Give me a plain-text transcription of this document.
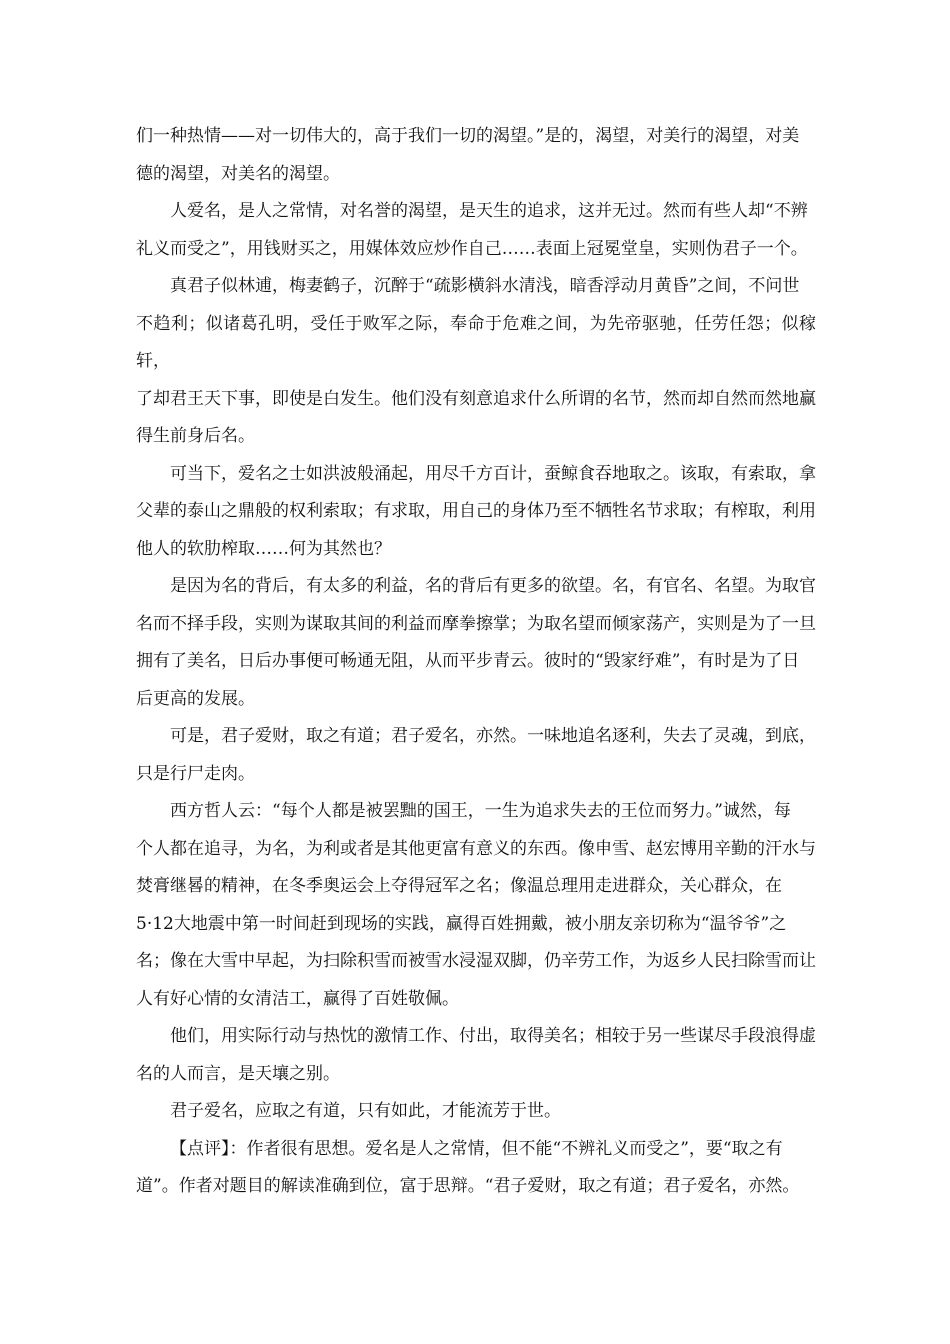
们一种热情——对一切伟大的，高于我们一切的渴望。”是的，渴望，对美行的渴望，对美
德的渴望，对美名的渴望。

人爱名，是人之常情，对名誉的渴望，是天生的追求，这并无过。然而有些人却“不辨
礼义而受之”，用钱财买之，用媒体效应炒作自己……表面上冠冕堂皇，实则伪君子一个。

真君子似林逋，梅妻鹤子，沉醉于“疏影横斜水清浅，暗香浮动月黄昏”之间，不问世
不趋利；似诸葛孔明，受任于败军之际，奉命于危难之间，为先帝驱驰，任劳任怨；似稼轩，
了却君王天下事，即使是白发生。他们没有刻意追求什么所谓的名节，然而却自然而然地赢
得生前身后名。

可当下，爱名之士如洪波般涌起，用尽千方百计，蚕鲸食吞地取之。该取，有索取，拿
父辈的泰山之鼎般的权利索取；有求取，用自己的身体乃至不牺牲名节求取；有榨取，利用
他人的软肋榨取……何为其然也？

是因为名的背后，有太多的利益，名的背后有更多的欲望。名，有官名、名望。为取官
名而不择手段，实则为谋取其间的利益而摩拳擦掌；为取名望而倾家荡产，实则是为了一旦
拥有了美名，日后办事便可畅通无阻，从而平步青云。彼时的“毁家纾难”，有时是为了日
后更高的发展。

可是，君子爱财，取之有道；君子爱名，亦然。一味地追名逐利，失去了灵魂，到底，
只是行尸走肉。

西方哲人云：“每个人都是被罢黜的国王，一生为追求失去的王位而努力。”诚然，每
个人都在追寻，为名，为利或者是其他更富有意义的东西。像申雪、赵宏博用辛勤的汗水与
焚膏继晷的精神，在冬季奥运会上夺得冠军之名；像温总理用走进群众，关心群众，在
5·12大地震中第一时间赶到现场的实践，赢得百姓拥戴，被小朋友亲切称为“温爷爷”之
名；像在大雪中早起，为扫除积雪而被雪水浸湿双脚，仍辛劳工作，为返乡人民扫除雪而让
人有好心情的女清洁工，赢得了百姓敬佩。

他们，用实际行动与热忱的激情工作、付出，取得美名；相较于另一些谋尽手段浪得虚
名的人而言，是天壤之别。

君子爱名，应取之有道，只有如此，才能流芳于世。

【点评】：作者很有思想。爱名是人之常情，但不能“不辨礼义而受之”，要“取之有
道”。作者对题目的解读准确到位，富于思辩。“君子爱财，取之有道；君子爱名，亦然。
